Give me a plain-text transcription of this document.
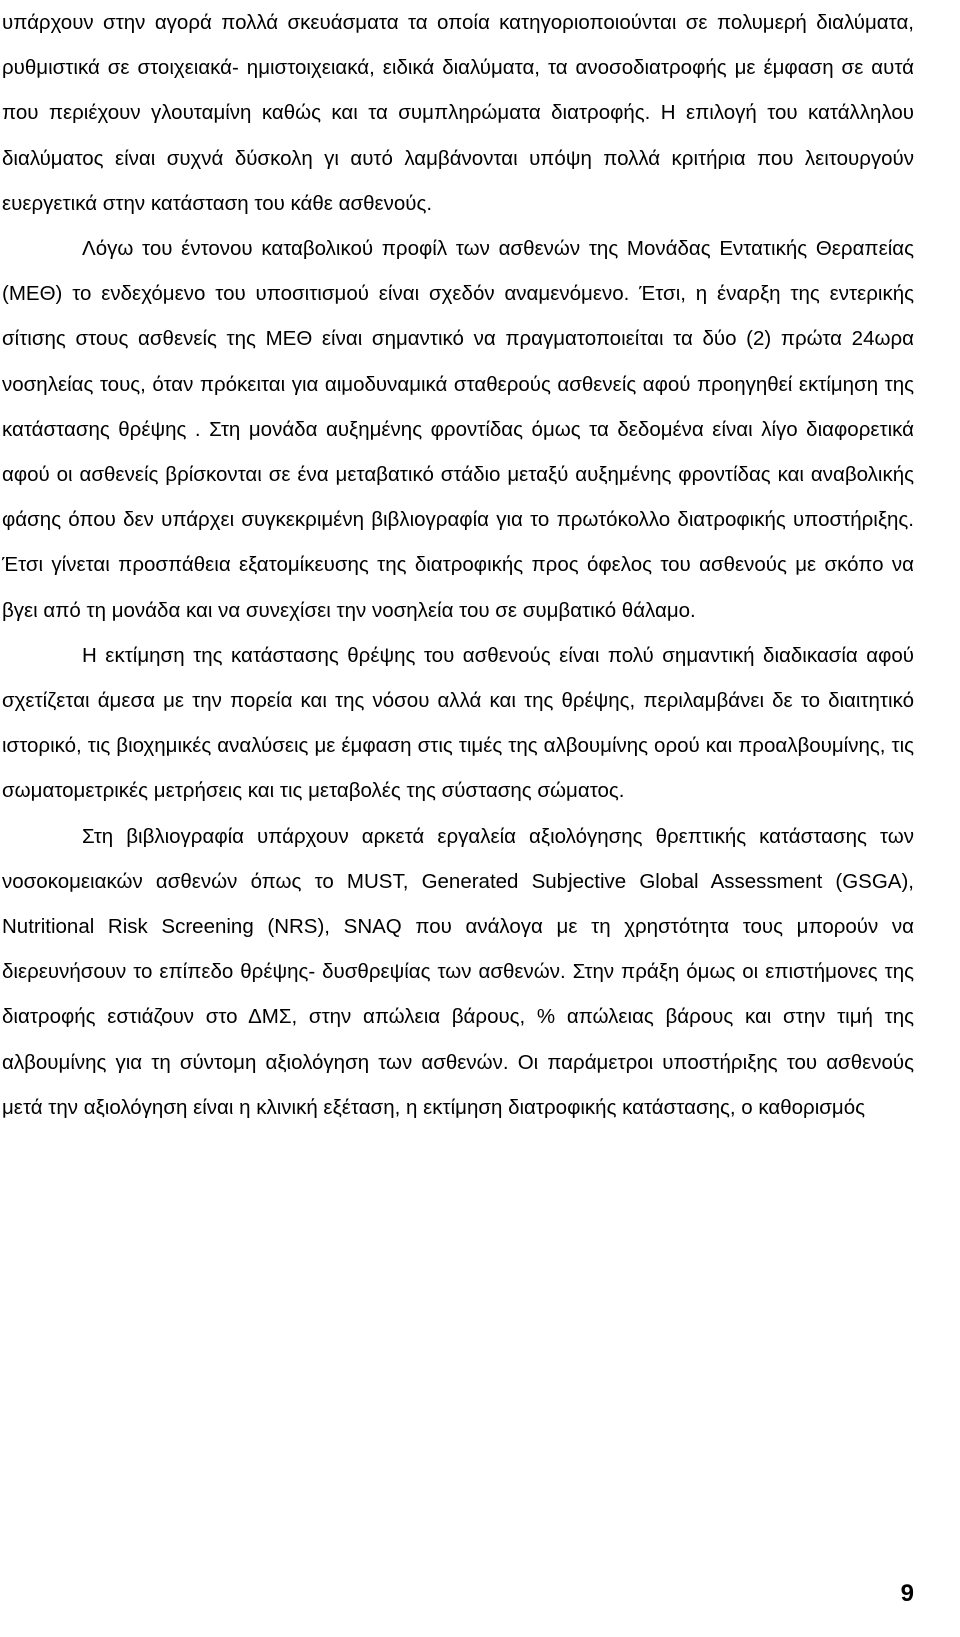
υπάρχουν στην αγορά πολλά σκευάσματα τα οποία κατηγοριοποιούνται σε πολυμερή διαλύματα, ρυθμιστικά σε στοιχειακά- ημιστοιχειακά, ειδικά διαλύματα, τα ανοσοδιατροφής με έμφαση σε αυτά που περιέχουν γλουταμίνη καθώς και τα συμπληρώματα διατροφής. Η επιλογή του κατάλληλου διαλύματος είναι συχνά δύσκολη γι αυτό λαμβάνονται υπόψη πολλά κριτήρια που λειτουργούν ευεργετικά στην κατάσταση του κάθε ασθενούς.

Λόγω του έντονου καταβολικού προφίλ των ασθενών της Μονάδας Εντατικής Θεραπείας (ΜΕΘ) το ενδεχόμενο του υποσιτισμού είναι σχεδόν αναμενόμενο. Έτσι, η έναρξη της εντερικής σίτισης στους ασθενείς της ΜΕΘ είναι σημαντικό να πραγματοποιείται τα δύο (2) πρώτα 24ωρα νοσηλείας τους, όταν πρόκειται για αιμοδυναμικά σταθερούς ασθενείς αφού προηγηθεί εκτίμηση της κατάστασης θρέψης . Στη μονάδα αυξημένης φροντίδας όμως τα δεδομένα είναι λίγο διαφορετικά αφού οι ασθενείς βρίσκονται σε ένα μεταβατικό στάδιο μεταξύ αυξημένης φροντίδας και αναβολικής φάσης όπου δεν υπάρχει συγκεκριμένη βιβλιογραφία για το πρωτόκολλο διατροφικής υποστήριξης. Έτσι γίνεται προσπάθεια εξατομίκευσης της διατροφικής προς όφελος του ασθενούς με σκόπο να βγει από τη μονάδα και να συνεχίσει την νοσηλεία του σε συμβατικό θάλαμο.

Η εκτίμηση της κατάστασης θρέψης του ασθενούς είναι πολύ σημαντική διαδικασία αφού σχετίζεται άμεσα με την πορεία και της νόσου αλλά και της θρέψης, περιλαμβάνει δε το διαιτητικό ιστορικό, τις βιοχημικές αναλύσεις με έμφαση στις τιμές της αλβουμίνης ορού και προαλβουμίνης, τις σωματομετρικές μετρήσεις και τις μεταβολές της σύστασης σώματος.

Στη βιβλιογραφία υπάρχουν αρκετά εργαλεία αξιολόγησης θρεπτικής κατάστασης των νοσοκομειακών ασθενών όπως το MUST, Generated Subjective Global Assessment (GSGA), Nutritional Risk Screening (NRS), SNAQ που ανάλογα με τη χρηστότητα τους μπορούν να διερευνήσουν το επίπεδο θρέψης- δυσθρεψίας των ασθενών. Στην πράξη όμως οι επιστήμονες της διατροφής εστιάζουν στο ΔΜΣ, στην απώλεια βάρους, % απώλειας βάρους και στην τιμή της αλβουμίνης για τη σύντομη αξιολόγηση των ασθενών. Οι παράμετροι υποστήριξης του ασθενούς μετά την αξιολόγηση είναι η κλινική εξέταση, η εκτίμηση διατροφικής κατάστασης, ο καθορισμός

9
